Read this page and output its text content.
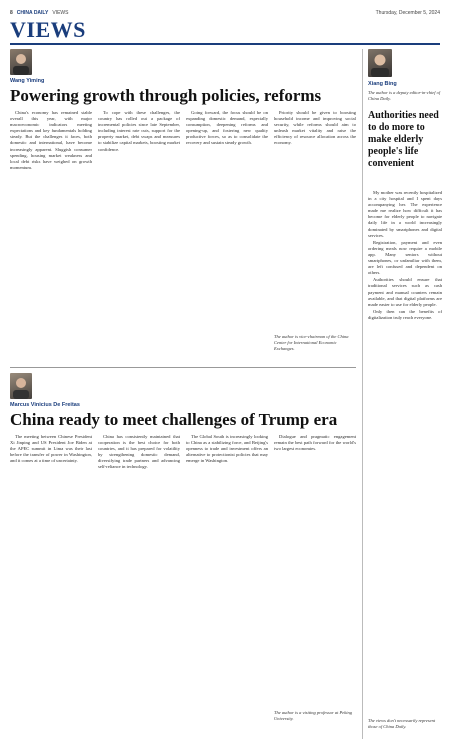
8 CHINA DAILY VIEWS	Thursday, December 5, 2024
VIEWS
Wang Yiming
Powering growth through policies, reforms

China's economy has remained stable overall this year, with major macroeconomic indicators meeting expectations and key fundamentals holding steady. But the challenges it faces, both domestic and international, have become increasingly apparent. Sluggish consumer spending, housing market weakness and local debt risks have weighed on growth momentum.

To cope with these challenges, the country has rolled out a package of incremental policies since late September, including interest rate cuts, support for the property market, debt swaps and measures to stabilize capital markets, boosting market confidence.

Going forward, the focus should be on expanding domestic demand, especially consumption, deepening reforms and opening-up, and fostering new quality productive forces, so as to consolidate the recovery and sustain steady growth.

Priority should be given to boosting household income and improving social security, while reforms should aim to unleash market vitality and raise the efficiency of resource allocation across the economy.

The author is vice-chairman of the China Center for International Economic Exchanges.
Marcus Vinicius De Freitas
China ready to meet challenges of Trump era

The meeting between Chinese President Xi Jinping and US President Joe Biden at the APEC summit in Lima was their last before the transfer of power in Washington, and it comes at a time of uncertainty.

China has consistently maintained that cooperation is the best choice for both countries, and it has prepared for volatility by strengthening domestic demand, diversifying trade partners and advancing self-reliance in technology.

The Global South is increasingly looking to China as a stabilizing force, and Beijing's openness to trade and investment offers an alternative to protectionist policies that may emerge in Washington.

Dialogue and pragmatic engagement remain the best path forward for the world's two largest economies.

The author is a visiting professor at Peking University.
Xiang Bing
The author is a deputy editor-in-chief of China Daily.
Authorities need to do more to make elderly people's life convenient

My mother was recently hospitalized in a city hospital and I spent days accompanying her. The experience made me realize how difficult it has become for elderly people to navigate daily life in a world increasingly dominated by smartphones and digital services.

Registration, payment and even ordering meals now require a mobile app. Many seniors without smartphones, or unfamiliar with them, are left confused and dependent on others.

Authorities should ensure that traditional services such as cash payment and manual counters remain available, and that digital platforms are made easier to use for elderly people.

Only then can the benefits of digitalization truly reach everyone.

The views don't necessarily represent those of China Daily.
